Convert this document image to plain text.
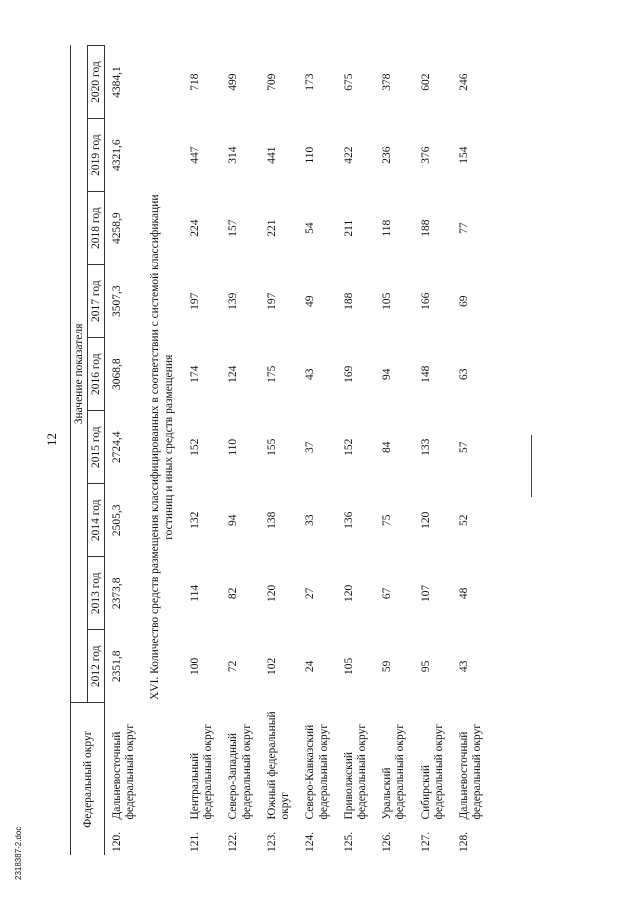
12
Федеральный округ		Значение показателя								
		2012 год	2013 год	2014 год	2015 год	2016 год	2017 год	2018 год	2019 год	2020 год
120.	Дальневосточный федеральный округ	2351,8	2373,8	2505,3	2724,4	3068,8	3507,3	4258,9	4321,6	4384,1
		XVI. Количество средств размещения классифицированных в соответствии с системой классификации гостиниц и иных средств размещения								
121.	Центральный федеральный округ	100	114	132	152	174	197	224	447	718
122.	Северо-Западный федеральный округ	72	82	94	110	124	139	157	314	499
123.	Южный федеральный округ	102	120	138	155	175	197	221	441	709
124.	Северо-Кавказский федеральный округ	24	27	33	37	43	49	54	110	173
125.	Приволжский федеральный округ	105	120	136	152	169	188	211	422	675
126.	Уральский федеральный округ	59	67	75	84	94	105	118	236	378
127.	Сибирский федеральный округ	95	107	120	133	148	166	188	376	602
128.	Дальневосточный федеральный округ	43	48	52	57	63	69	77	154	246
2318387-2.doc
